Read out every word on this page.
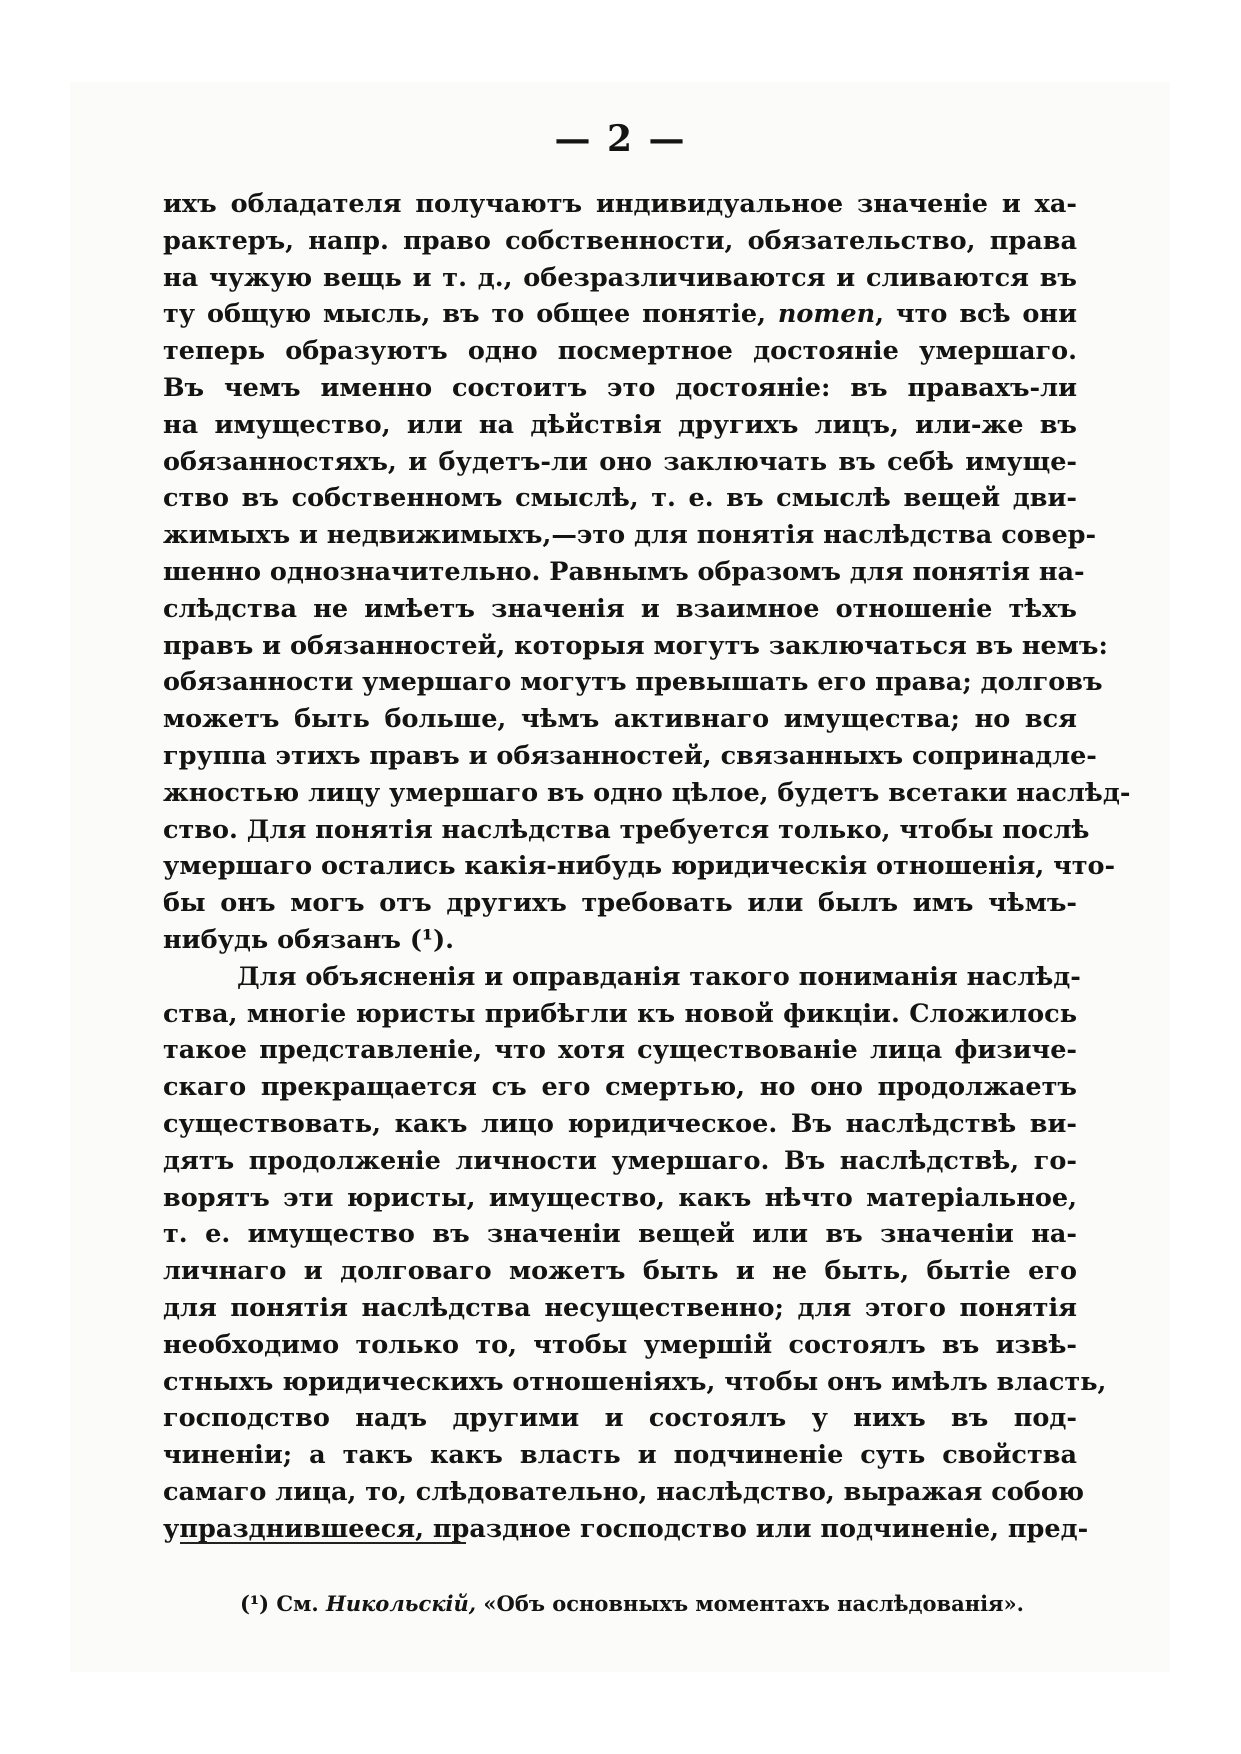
— 2 —
ихъ обладателя получаютъ индивидуальное значенie и ха-
рактеръ, напр. право собственности, обязательство, права
на чужую вещь и т. д., обезразличиваются и сливаются въ
ту общую мысль, въ то общее понятie, nomen, что всѣ они
теперь образуютъ одно посмертное достоянie умершаго.
Въ чемъ именно состоитъ это достоянie: въ правахъ-ли
на имущество, или на дѣйствiя другихъ лицъ, или-же въ
обязанностяхъ, и будетъ-ли оно заключать въ себѣ имуще-
ство въ собственномъ смыслѣ, т. е. въ смыслѣ вещей дви-
жимыхъ и недвижимыхъ,—это для понятiя наслѣдства совер-
шенно однозначительно. Равнымъ образомъ для понятiя на-
слѣдства не имѣетъ значенiя и взаимное отношенie тѣхъ
правъ и обязанностей, которыя могутъ заключаться въ немъ:
обязанности умершаго могутъ превышать его права; долговъ
можетъ быть больше, чѣмъ активнаго имущества; но вся
группа этихъ правъ и обязанностей, связанныхъ сопринадле-
жностью лицу умершаго въ одно цѣлое, будетъ всетаки наслѣд-
ство. Для понятiя наслѣдства требуется только, чтобы послѣ
умершаго остались какiя-нибудь юридическiя отношенiя, что-
бы онъ могъ отъ другихъ требовать или былъ имъ чѣмъ-
нибудь обязанъ (¹).
Для объясненiя и оправданiя такого пониманiя наслѣд-
ства, многiе юристы прибѣгли къ новой фикцiи. Сложилось
такое представленie, что хотя существованie лица физиче-
скаго прекращается съ его смертью, но оно продолжаетъ
существовать, какъ лицо юридическое. Въ наслѣдствѣ ви-
дятъ продолженie личности умершаго. Въ наслѣдствѣ, го-
ворятъ эти юристы, имущество, какъ нѣчто матерiальное,
т. е. имущество въ значенiи вещей или въ значенiи на-
личнаго и долговаго можетъ быть и не быть, бытie его
для понятiя наслѣдства несущественно; для этого понятiя
необходимо только то, чтобы умершiй состоялъ въ извѣ-
стныхъ юридическихъ отношенiяхъ, чтобы онъ имѣлъ власть,
господство надъ другими и состоялъ у нихъ въ под-
чиненiи; а такъ какъ власть и подчиненie суть свойства
самаго лица, то, слѣдовательно, наслѣдство, выражая собою
упразднившееся, праздное господство или подчиненie, пред-
(¹) См. Никольскiй, «Объ основныхъ моментахъ наслѣдованiя».
